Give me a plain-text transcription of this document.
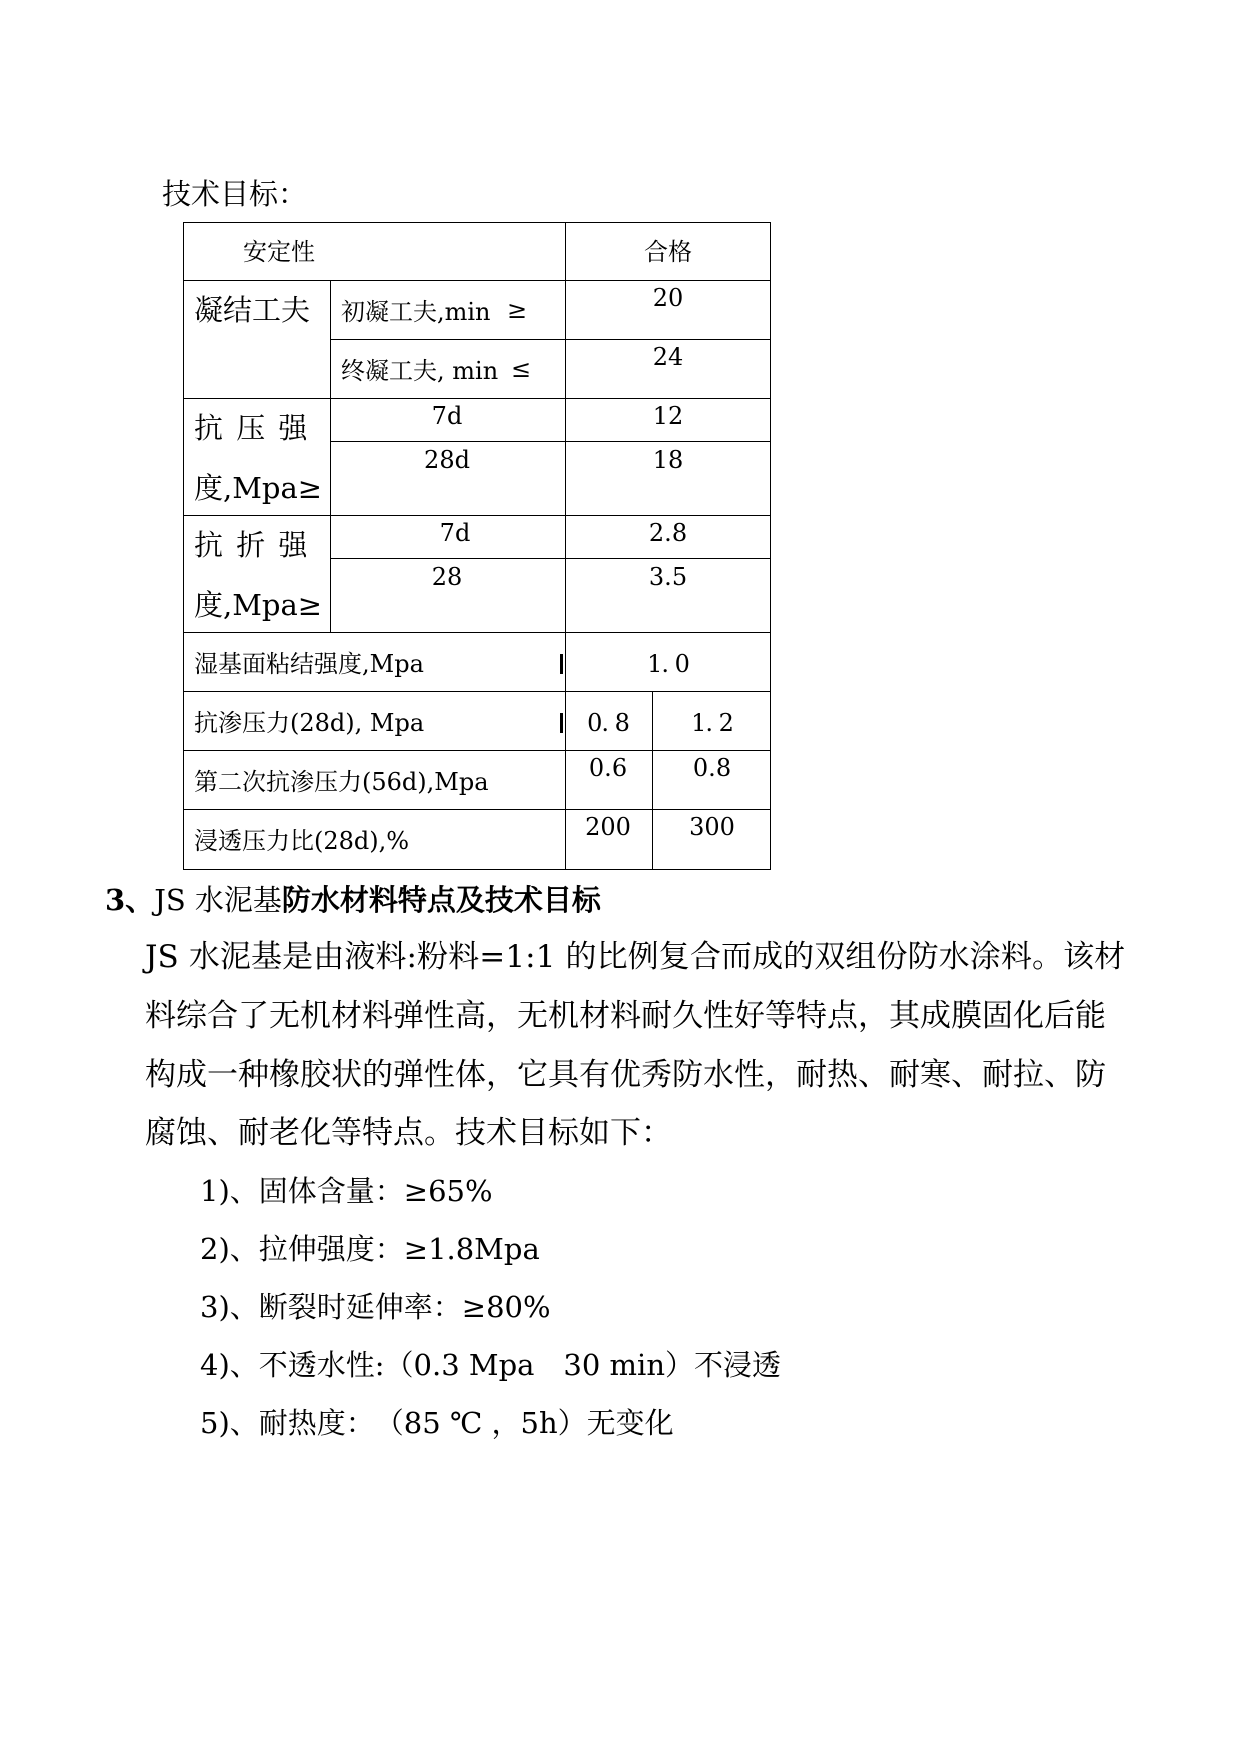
技术目标：
安定性	合格
凝结工夫 初凝工夫,min ≥	20
终凝工夫, min ≤	24
抗 压 强
度,Mpa≥
7d	12
28d	18
抗 折 强
度,Mpa≥
7d	2.8
28	3.5
湿基面粘结强度,Mpa	1. 0
抗渗压力(28d), Mpa	0. 8	1. 2
第二次抗渗压力(56d),Mpa	0.6	0.8
浸透压力比(28d),%	200 300
3、JS 水泥基防水材料特点及技术目标
JS 水泥基是由液料:粉料=1:1 的比例复合而成的双组份防水涂料。该材
料综合了无机材料弹性高，无机材料耐久性好等特点，其成膜固化后能
构成一种橡胶状的弹性体，它具有优秀防水性，耐热、耐寒、耐拉、防
腐蚀、耐老化等特点。技术目标如下：
1)、固体含量：≥65%
2)、拉伸强度：≥1.8Mpa
3)、断裂时延伸率：≥80%
4)、不透水性:（0.3 Mpa　30 min）不浸透
5)、耐热度：　（85 ℃ ，5h）无变化
